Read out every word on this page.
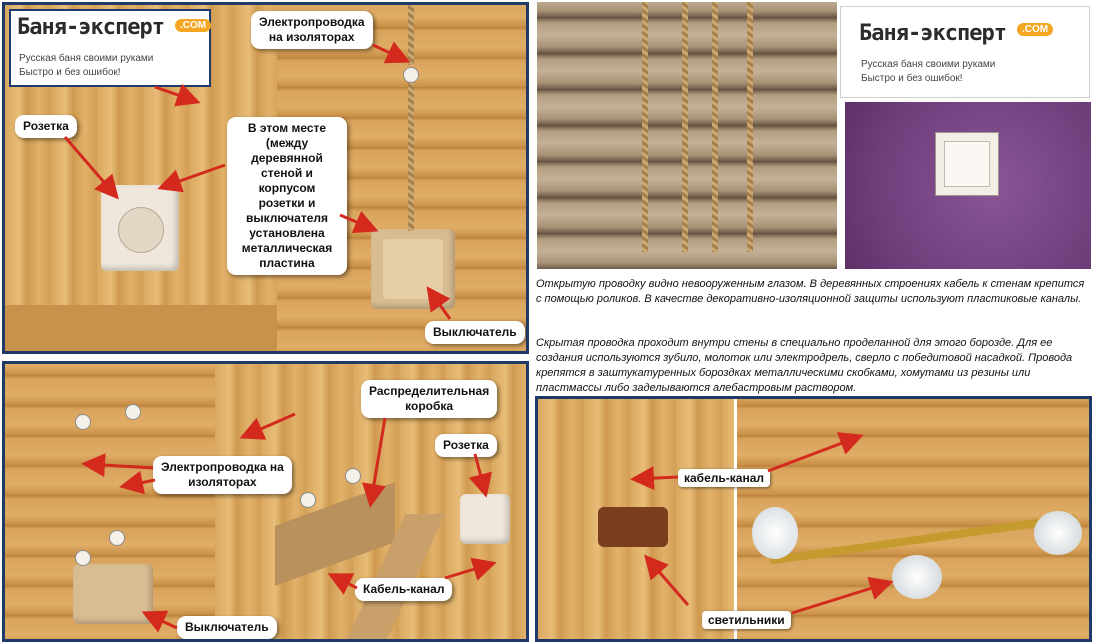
Баня-эксперт	.COM
Русская баня своими руками
Быстро и без ошибок!
Розетка
Электропроводка
на изоляторах
В этом месте
(между
деревянной
стеной и
корпусом
розетки и
выключателя
установлена
металлическая
пластина
Выключатель
Баня-эксперт	.COM
Русская баня своими руками
Быстро и без ошибок!
Открытую проводку видно невооруженным глазом. В деревянных строениях кабель к стенам крепится с помощью роликов. В качестве декоративно-изоляционной защиты используют пластиковые каналы.
Скрытая проводка проходит внутри стены в специально проделанной для этого борозде. Для ее создания используются зубило, молоток или электродрель, сверло с победитовой насадкой. Провода крепятся в заштукатуренных бороздках металлическими скобками, хомутами из резины или пластмассы либо заделываются алебастровым раствором.
Электропроводка на
изоляторах
Распределительная
коробка
Розетка
Кабель-канал
Выключатель
кабель-канал
светильники
